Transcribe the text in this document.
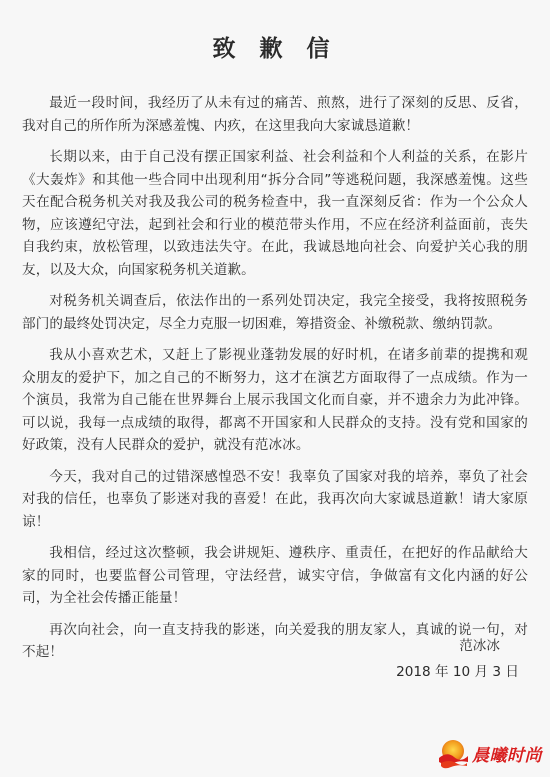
致 歉 信

最近一段时间，我经历了从未有过的痛苦、煎熬，进行了深刻的反思、反省，我对自己的所作所为深感羞愧、内疚，在这里我向大家诚恳道歉！

长期以来，由于自己没有摆正国家利益、社会利益和个人利益的关系，在影片《大轰炸》和其他一些合同中出现利用“拆分合同”等逃税问题，我深感羞愧。这些天在配合税务机关对我及我公司的税务检查中，我一直深刻反省：作为一个公众人物，应该遵纪守法，起到社会和行业的模范带头作用，不应在经济利益面前，丧失自我约束，放松管理，以致违法失守。在此，我诚恳地向社会、向爱护关心我的朋友，以及大众，向国家税务机关道歉。

对税务机关调查后，依法作出的一系列处罚决定，我完全接受，我将按照税务部门的最终处罚决定，尽全力克服一切困难，筹措资金、补缴税款、缴纳罚款。

我从小喜欢艺术，又赶上了影视业蓬勃发展的好时机，在诸多前辈的提携和观众朋友的爱护下，加之自己的不断努力，这才在演艺方面取得了一点成绩。作为一个演员，我常为自己能在世界舞台上展示我国文化而自豪，并不遗余力为此冲锋。可以说，我每一点成绩的取得，都离不开国家和人民群众的支持。没有党和国家的好政策，没有人民群众的爱护，就没有范冰冰。

今天，我对自己的过错深感惶恐不安！我辜负了国家对我的培养，辜负了社会对我的信任，也辜负了影迷对我的喜爱！在此，我再次向大家诚恳道歉！请大家原谅！

我相信，经过这次整顿，我会讲规矩、遵秩序、重责任，在把好的作品献给大家的同时，也要监督公司管理，守法经营，诚实守信，争做富有文化内涵的好公司，为全社会传播正能量！

再次向社会，向一直支持我的影迷，向关爱我的朋友家人，真诚的说一句，对不起！	范冰冰
2018 年 10 月 3 日
晨曦时尚
